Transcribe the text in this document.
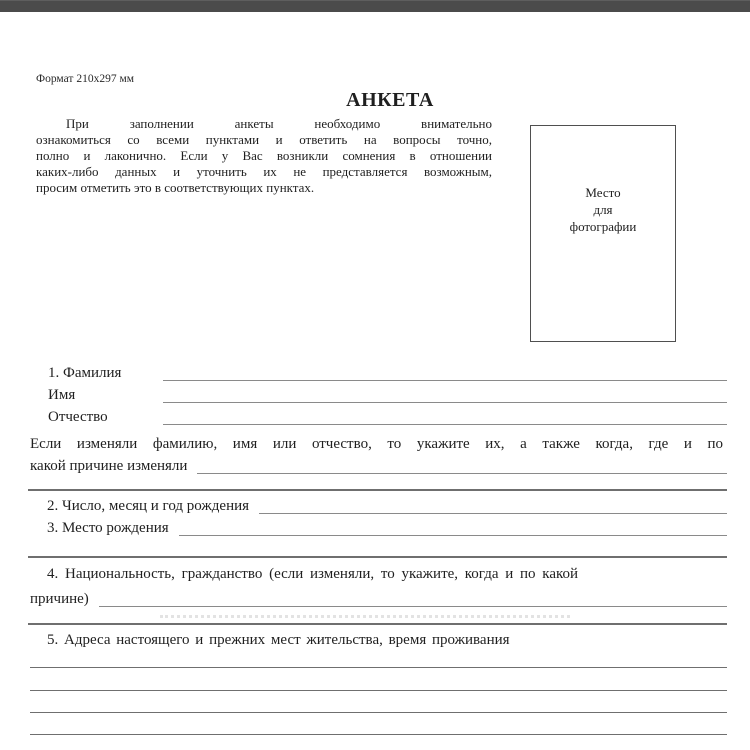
Формат 210x297 мм
АНКЕТА
При заполнении анкеты необходимо внимательно
ознакомиться со всеми пунктами и ответить на вопросы точно,
полно и лаконично. Если у Вас возникли сомнения в отношении
каких-либо данных и уточнить их не представляется возможным,
просим отметить это в соответствующих пунктах.	Место
для
фотографии
1. Фамилия
Имя
Отчество
Если изменяли фамилию, имя или отчество, то укажите их, а также когда, где и по
какой причине изменяли
2. Число, месяц и год рождения
3. Место рождения
4. Национальность, гражданство (если изменяли, то укажите, когда и по какой
причине)
5. Адреса настоящего и прежних мест жительства, время проживания
